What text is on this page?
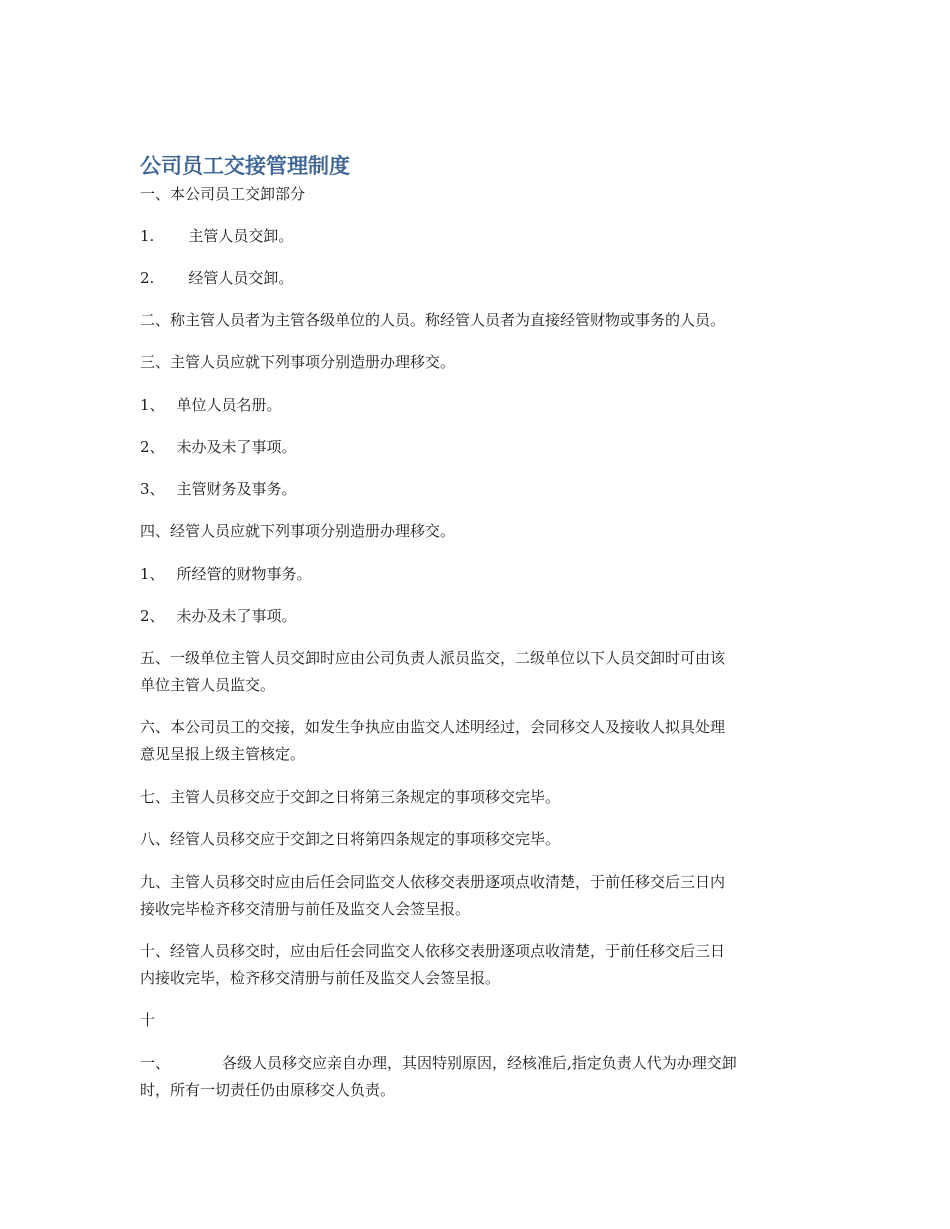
公司员工交接管理制度
一、本公司员工交卸部分
1. 主管人员交卸。
2. 经管人员交卸。
二、称主管人员者为主管各级单位的人员。称经管人员者为直接经管财物或事务的人员。
三、主管人员应就下列事项分别造册办理移交。
1、 单位人员名册。
2、 未办及未了事项。
3、 主管财务及事务。
四、经管人员应就下列事项分别造册办理移交。
1、 所经管的财物事务。
2、 未办及未了事项。
五、一级单位主管人员交卸时应由公司负责人派员监交，二级单位以下人员交卸时可由该
单位主管人员监交。
六、本公司员工的交接，如发生争执应由监交人述明经过，会同移交人及接收人拟具处理
意见呈报上级主管核定。
七、主管人员移交应于交卸之日将第三条规定的事项移交完毕。
八、经管人员移交应于交卸之日将第四条规定的事项移交完毕。
九、主管人员移交时应由后任会同监交人依移交表册逐项点收清楚，于前任移交后三日内
接收完毕检齐移交清册与前任及监交人会签呈报。
十、经管人员移交时，应由后任会同监交人依移交表册逐项点收清楚，于前任移交后三日
内接收完毕，检齐移交清册与前任及监交人会签呈报。
十
一、	各级人员移交应亲自办理，其因特别原因，经核准后,指定负责人代为办理交卸
时，所有一切责任仍由原移交人负责。
